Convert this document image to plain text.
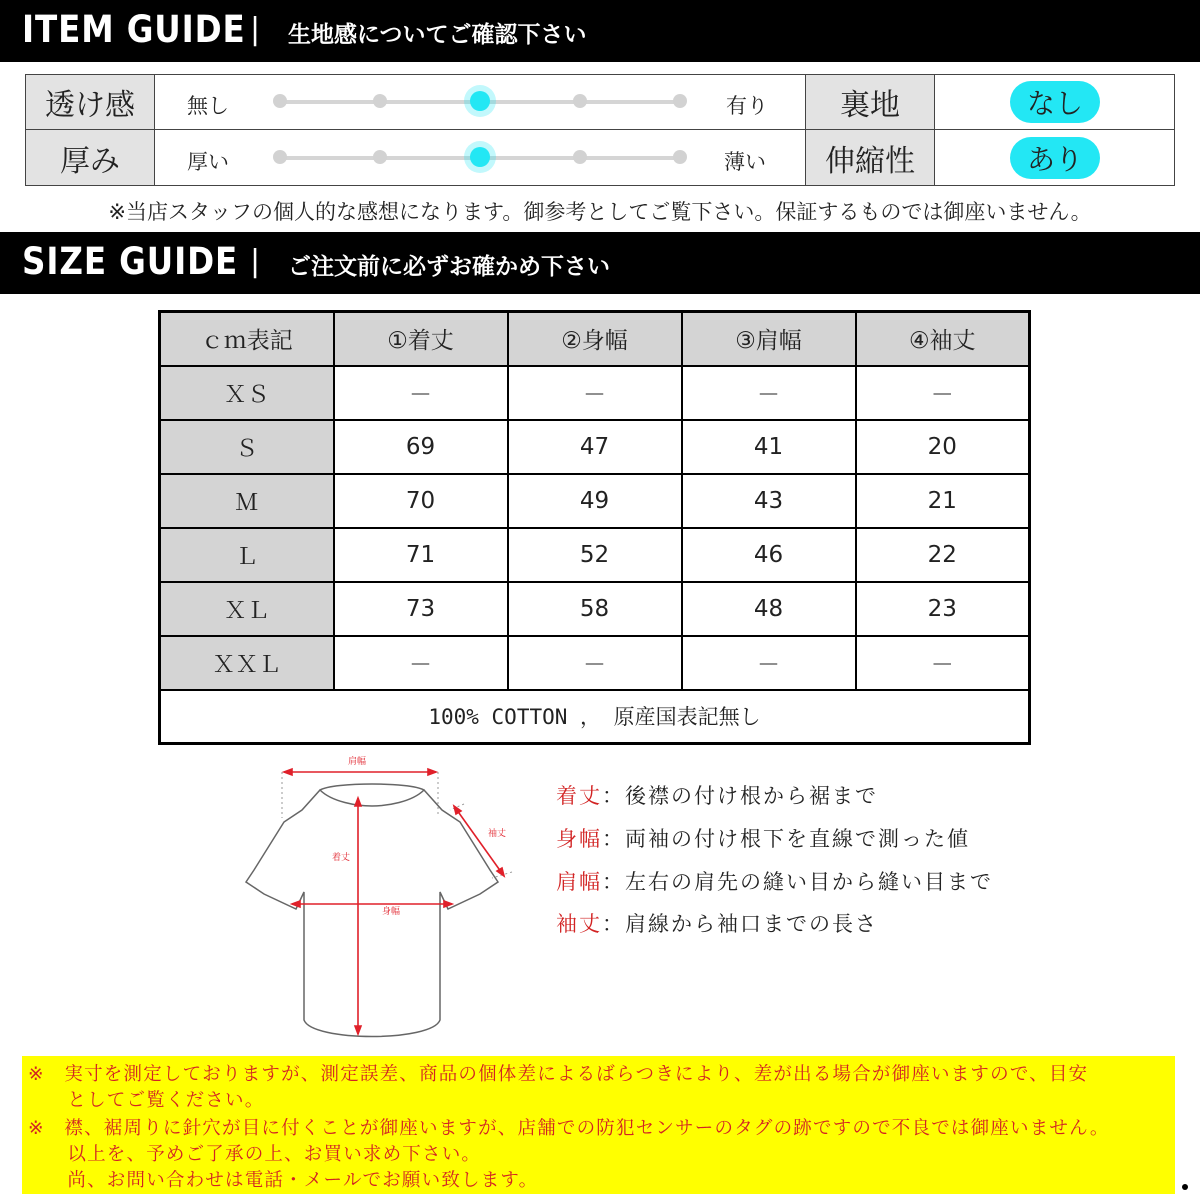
ITEM GUIDE | 生地感についてご確認下さい
透け感	無し	有り	裏地	なし
厚み	厚い	薄い	伸縮性	あり
※当店スタッフの個人的な感想になります。御参考としてご覧下さい。保証するものでは御座いません。
SIZE GUIDE | ご注文前に必ずお確かめ下さい
ｃｍ表記	①着丈	②身幅	③肩幅	④袖丈
ＸＳ	－	－	－	－
Ｓ	69	47	41	20
Ｍ	70	49	43	21
Ｌ	71	52	46	22
ＸＬ	73	58	48	23
ＸＸＬ	－	－	－	－
100% COTTON ， 原産国表記無し				
肩幅
袖丈
着丈
身幅
着丈：後襟の付け根から裾まで
身幅：両袖の付け根下を直線で測った値
肩幅：左右の肩先の縫い目から縫い目まで
袖丈：肩線から袖口までの長さ
※　実寸を測定しておりますが、測定誤差、商品の個体差によるばらつきにより、差が出る場合が御座いますので、目安
　　としてご覧ください。
※　襟、裾周りに針穴が目に付くことが御座いますが、店舗での防犯センサーのタグの跡ですので不良では御座いません。
　　以上を、予めご了承の上、お買い求め下さい。
　　尚、お問い合わせは電話・メールでお願い致します。
